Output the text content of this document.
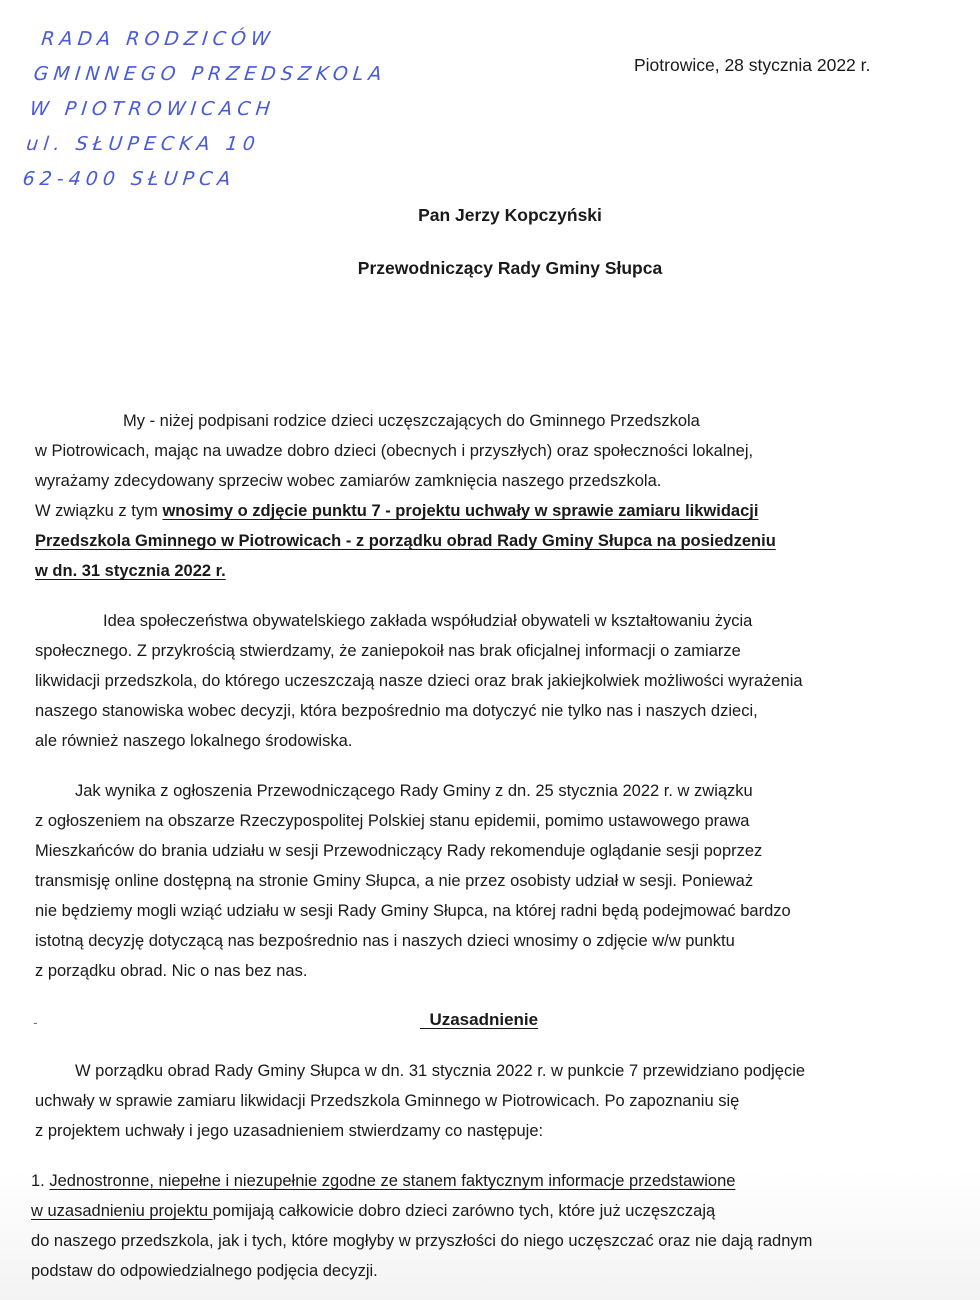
RADA RODZICÓW
GMINNEGO PRZEDSZKOLA
W PIOTROWICACH
ul. SŁUPECKA 10
62-400 SŁUPCA
Piotrowice, 28 stycznia 2022 r.
Pan Jerzy Kopczyński
Przewodniczący Rady Gminy Słupca
My - niżej podpisani rodzice dzieci uczęszczających do Gminnego Przedszkola
w Piotrowicach, mając na uwadze dobro dzieci (obecnych i przyszłych) oraz społeczności lokalnej,
wyrażamy zdecydowany sprzeciw wobec zamiarów zamknięcia naszego przedszkola.
W związku z tym wnosimy o zdjęcie punktu 7 - projektu uchwały w sprawie zamiaru likwidacji
Przedszkola Gminnego w Piotrowicach - z porządku obrad Rady Gminy Słupca na posiedzeniu
w dn. 31 stycznia 2022 r.
Idea społeczeństwa obywatelskiego zakłada współudział obywateli w kształtowaniu życia
społecznego. Z przykrością stwierdzamy, że zaniepokoił nas brak oficjalnej informacji o zamiarze
likwidacji przedszkola, do którego uczeszczają nasze dzieci oraz brak jakiejkolwiek możliwości wyrażenia
naszego stanowiska wobec decyzji, która bezpośrednio ma dotyczyć nie tylko nas i naszych dzieci,
ale również naszego lokalnego środowiska.
Jak wynika z ogłoszenia Przewodniczącego Rady Gminy z dn. 25 stycznia 2022 r. w związku
z ogłoszeniem na obszarze Rzeczypospolitej Polskiej stanu epidemii, pomimo ustawowego prawa
Mieszkańców do brania udziału w sesji Przewodniczący Rady rekomenduje oglądanie sesji poprzez
transmisję online dostępną na stronie Gminy Słupca, a nie przez osobisty udział w sesji. Ponieważ
nie będziemy mogli wziąć udziału w sesji Rady Gminy Słupca, na której radni będą podejmować bardzo
istotną decyzję dotyczącą nas bezpośrednio nas i naszych dzieci wnosimy o zdjęcie w/w punktu
z porządku obrad. Nic o nas bez nas.
-	Uzasadnienie
W porządku obrad Rady Gminy Słupca w dn. 31 stycznia 2022 r. w punkcie 7 przewidziano podjęcie
uchwały w sprawie zamiaru likwidacji Przedszkola Gminnego w Piotrowicach. Po zapoznaniu się
z projektem uchwały i jego uzasadnieniem stwierdzamy co następuje:
1. Jednostronne, niepełne i niezupełnie zgodne ze stanem faktycznym informacje przedstawione
w uzasadnieniu projektu pomijają całkowicie dobro dzieci zarówno tych, które już uczęszczają
do naszego przedszkola, jak i tych, które mogłyby w przyszłości do niego uczęszczać oraz nie dają radnym
podstaw do odpowiedzialnego podjęcia decyzji.
